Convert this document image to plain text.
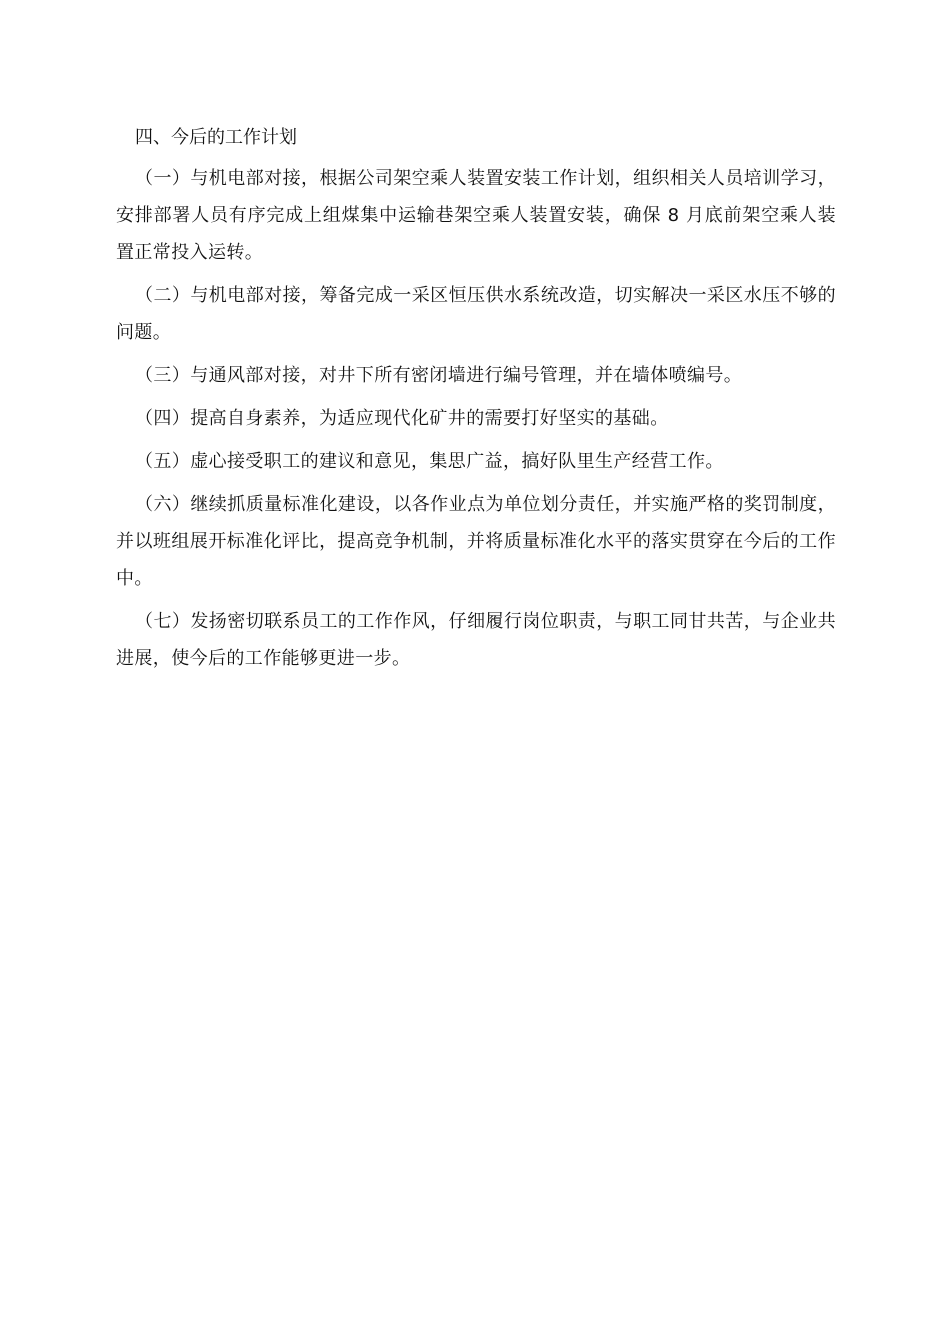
四、今后的工作计划

（一）与机电部对接，根据公司架空乘人装置安装工作计划，组织相关人员培训学习，安排部署人员有序完成上组煤集中运输巷架空乘人装置安装，确保 8 月底前架空乘人装置正常投入运转。

（二）与机电部对接，筹备完成一采区恒压供水系统改造，切实解决一采区水压不够的问题。

（三）与通风部对接，对井下所有密闭墙进行编号管理，并在墙体喷编号。

（四）提高自身素养，为适应现代化矿井的需要打好坚实的基础。

（五）虚心接受职工的建议和意见，集思广益，搞好队里生产经营工作。

（六）继续抓质量标准化建设，以各作业点为单位划分责任，并实施严格的奖罚制度，并以班组展开标准化评比，提高竞争机制，并将质量标准化水平的落实贯穿在今后的工作中。

（七）发扬密切联系员工的工作作风，仔细履行岗位职责，与职工同甘共苦，与企业共进展，使今后的工作能够更进一步。
